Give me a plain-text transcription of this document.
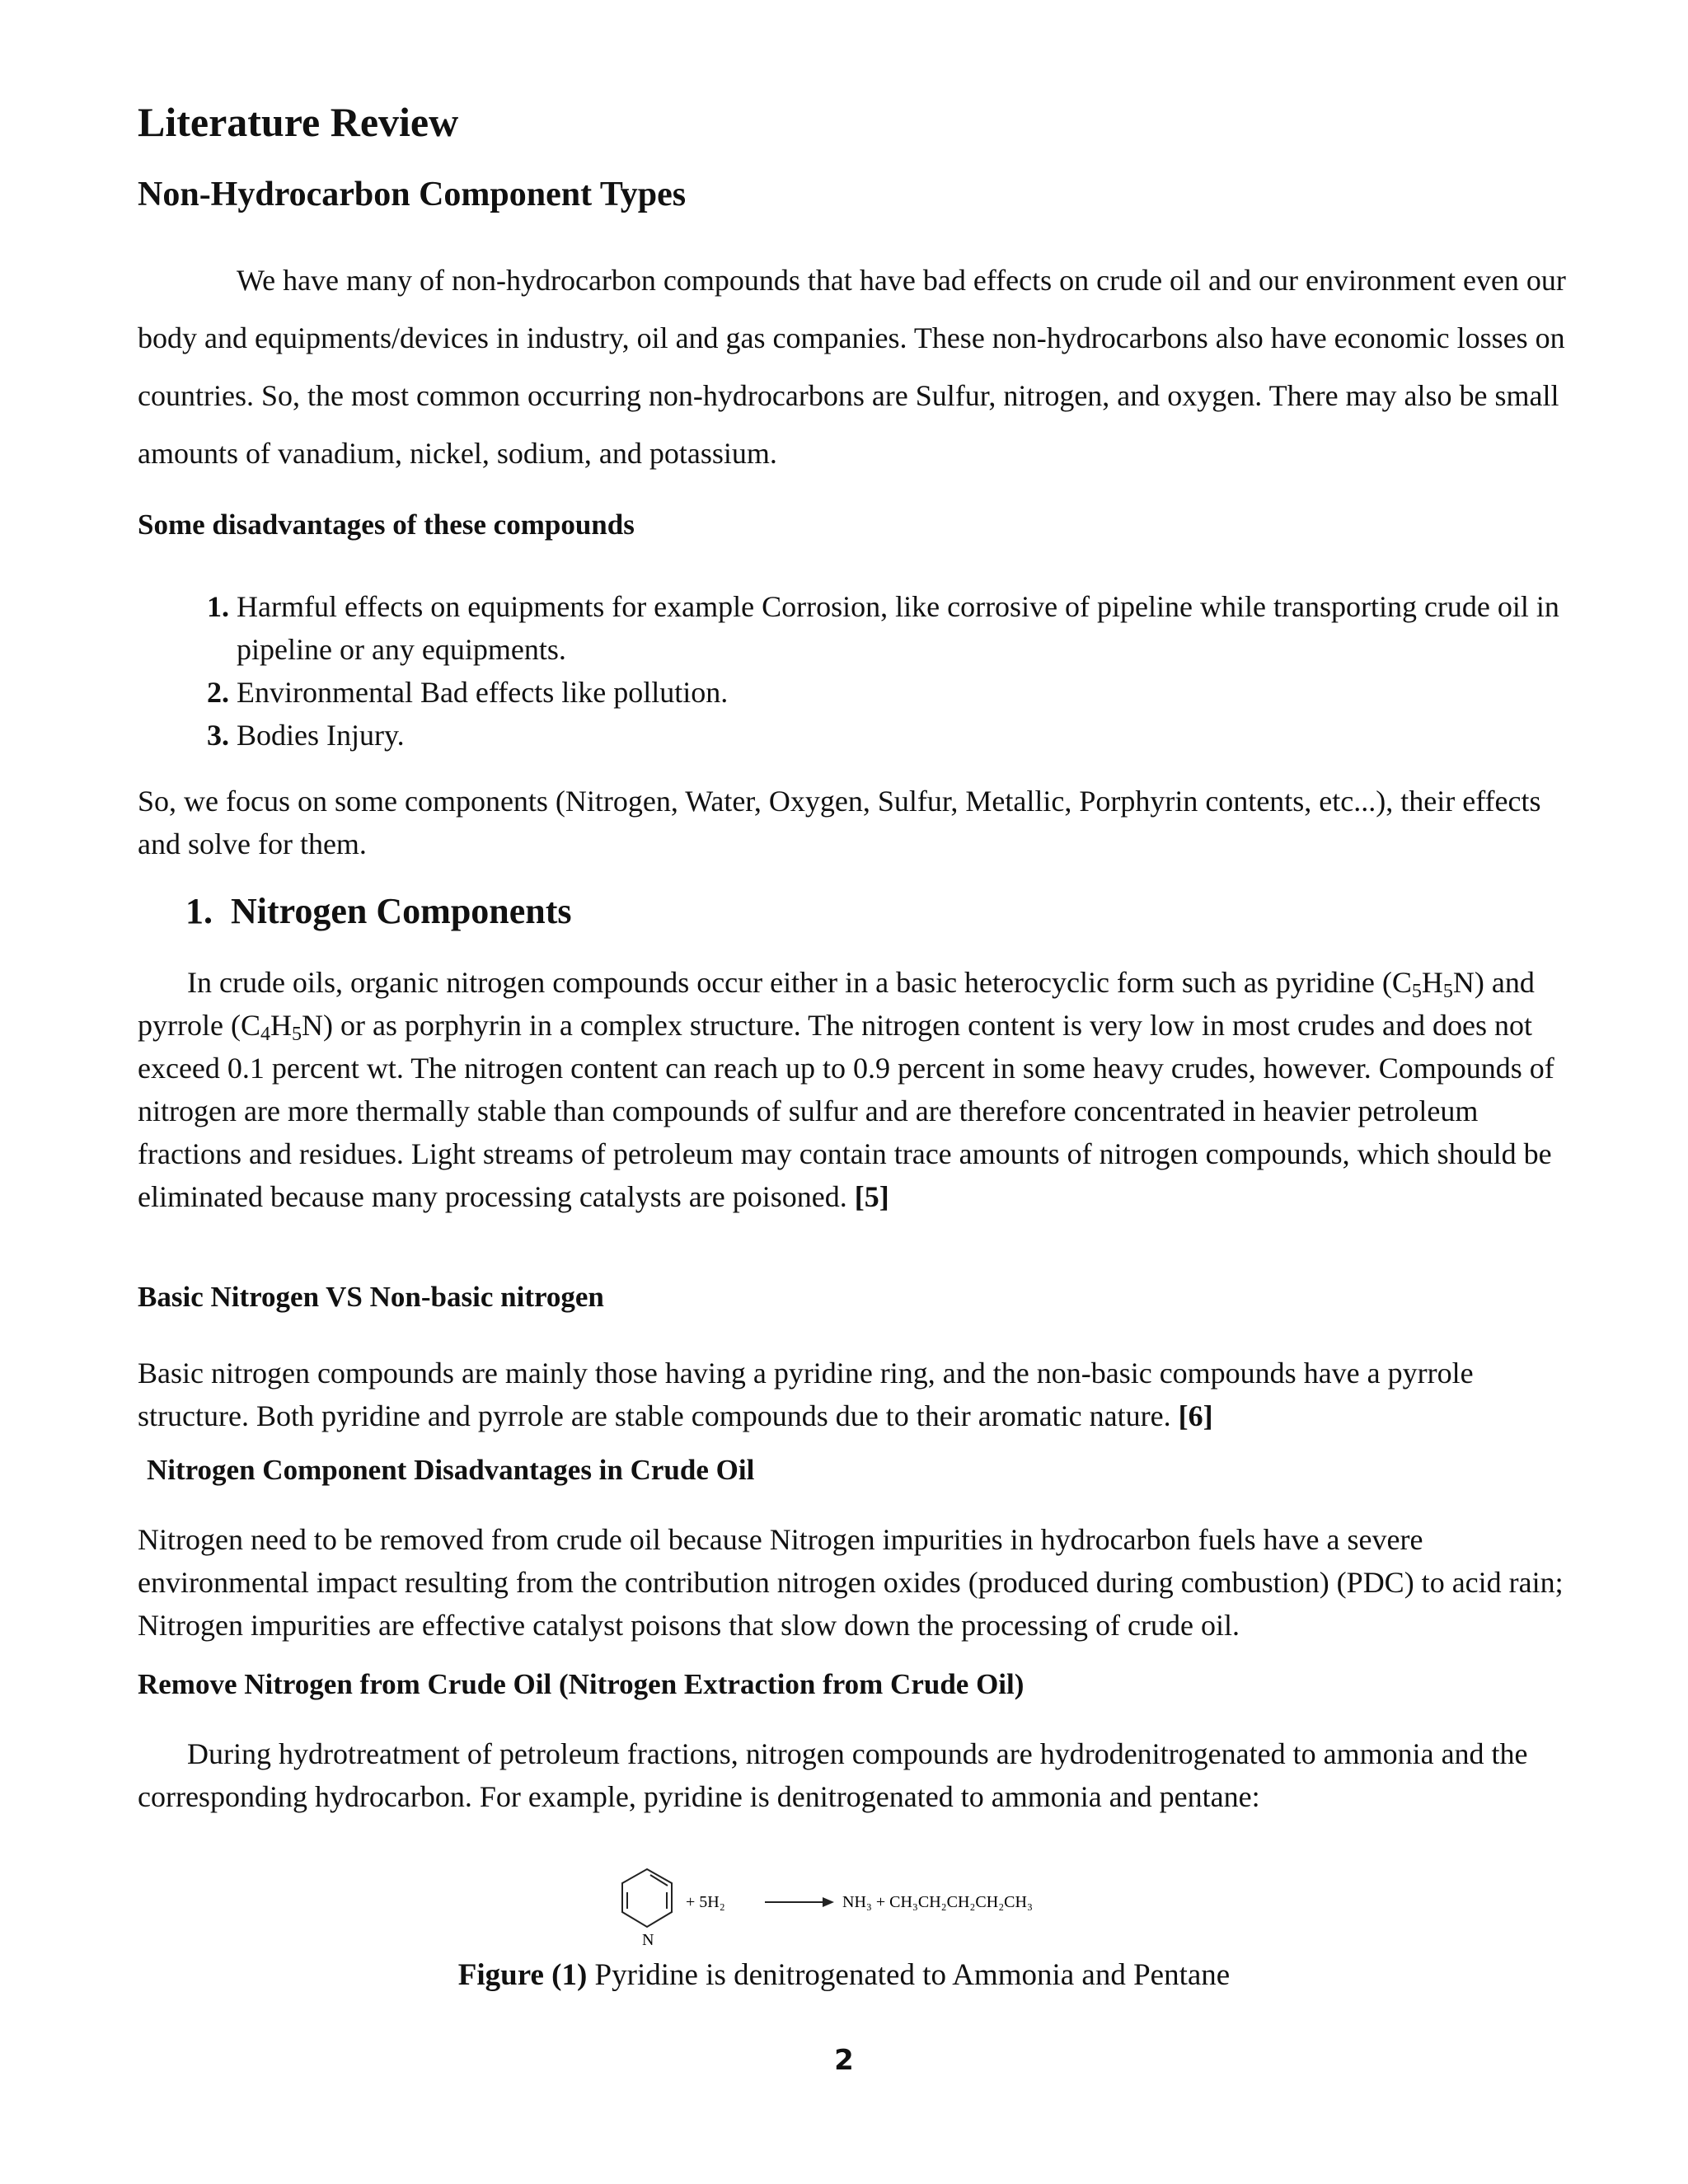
Literature Review
Non-Hydrocarbon Component Types

We have many of non-hydrocarbon compounds that have bad effects on crude oil and our environment even our body and equipments/devices in industry, oil and gas companies. These non-hydrocarbons also have economic losses on countries. So, the most common occurring non-hydrocarbons are Sulfur, nitrogen, and oxygen. There may also be small amounts of vanadium, nickel, sodium, and potassium.

Some disadvantages of these compounds

1. Harmful effects on equipments for example Corrosion, like corrosive of pipeline while transporting crude oil in pipeline or any equipments.
2. Environmental Bad effects like pollution.
3. Bodies Injury.

So, we focus on some components (Nitrogen, Water, Oxygen, Sulfur, Metallic, Porphyrin contents, etc...), their effects and solve for them.

1. Nitrogen Components

In crude oils, organic nitrogen compounds occur either in a basic heterocyclic form such as pyridine $(C_5H_5N)$ and pyrrole $(C_4H_5N)$ or as porphyrin in a complex structure. The nitrogen content is very low in most crudes and does not exceed 0.1 percent wt. The nitrogen content can reach up to 0.9 percent in some heavy crudes, however. Compounds of nitrogen are more thermally stable than compounds of sulfur and are therefore concentrated in heavier petroleum fractions and residues. Light streams of petroleum may contain trace amounts of nitrogen compounds, which should be eliminated because many processing catalysts are poisoned. [5]

Basic Nitrogen VS Non-basic nitrogen

Basic nitrogen compounds are mainly those having a pyridine ring, and the non-basic compounds have a pyrrole structure. Both pyridine and pyrrole are stable compounds due to their aromatic nature. [6]

Nitrogen Component Disadvantages in Crude Oil

Nitrogen need to be removed from crude oil because Nitrogen impurities in hydrocarbon fuels have a severe environmental impact resulting from the contribution nitrogen oxides (produced during combustion) (PDC) to acid rain; Nitrogen impurities are effective catalyst poisons that slow down the processing of crude oil.

Remove Nitrogen from Crude Oil (Nitrogen Extraction from Crude Oil)

During hydrotreatment of petroleum fractions, nitrogen compounds are hydrodenitrogenated to ammonia and the corresponding hydrocarbon. For example, pyridine is denitrogenated to ammonia and pentane:

N
+ 5H₂	NH₃ + CH₃CH₂CH₂CH₂CH₃

Figure (1) Pyridine is denitrogenated to Ammonia and Pentane

2
